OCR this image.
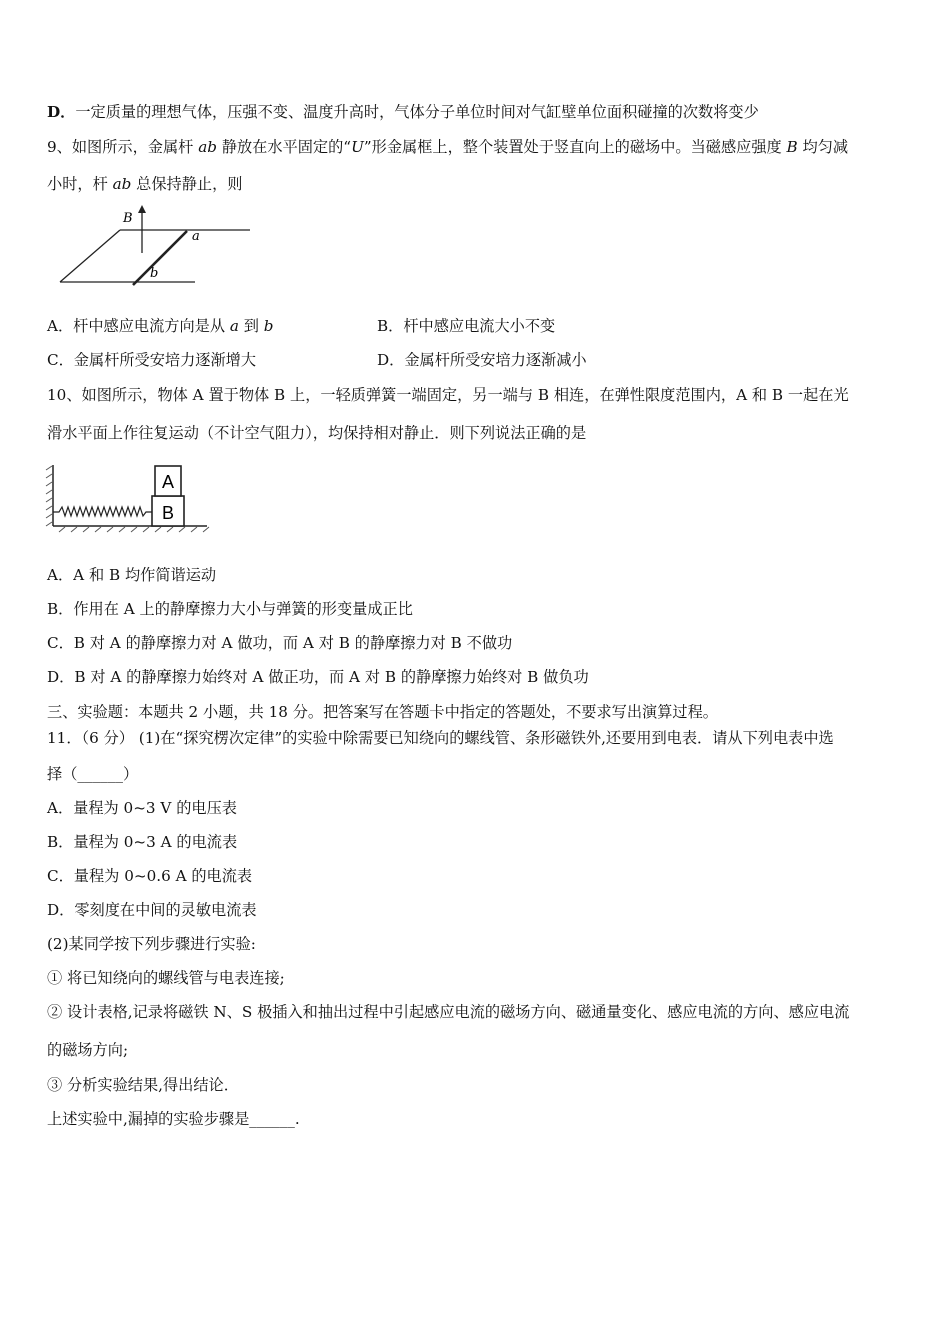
D．一定质量的理想气体，压强不变、温度升高时，气体分子单位时间对气缸壁单位面积碰撞的次数将变少
9、如图所示，金属杆 ab 静放在水平固定的“U”形金属框上，整个装置处于竖直向上的磁场中。当磁感应强度 B 均匀减
小时，杆 ab 总保持静止，则
B
a
b
A．杆中感应电流方向是从 a 到 b	B．杆中感应电流大小不变
C．金属杆所受安培力逐渐增大	D．金属杆所受安培力逐渐减小
10、如图所示，物体 A 置于物体 B 上，一轻质弹簧一端固定，另一端与 B 相连，在弹性限度范围内，A 和 B 一起在光
滑水平面上作往复运动（不计空气阻力），均保持相对静止．则下列说法正确的是
A
B
A．A 和 B 均作简谐运动
B．作用在 A 上的静摩擦力大小与弹簧的形变量成正比
C．B 对 A 的静摩擦力对 A 做功，而 A 对 B 的静摩擦力对 B 不做功
D．B 对 A 的静摩擦力始终对 A 做正功，而 A 对 B 的静摩擦力始终对 B 做负功
三、实验题：本题共 2 小题，共 18 分。把答案写在答题卡中指定的答题处，不要求写出演算过程。
11．（6 分） (1)在“探究楞次定律”的实验中除需要已知绕向的螺线管、条形磁铁外,还要用到电表．请从下列电表中选
择（______）
A．量程为 0~3 V 的电压表
B．量程为 0~3 A 的电流表
C．量程为 0~0.6 A 的电流表
D．零刻度在中间的灵敏电流表
(2)某同学按下列步骤进行实验:
① 将已知绕向的螺线管与电表连接;
② 设计表格,记录将磁铁 N、S 极插入和抽出过程中引起感应电流的磁场方向、磁通量变化、感应电流的方向、感应电流
的磁场方向;
③ 分析实验结果,得出结论．
上述实验中,漏掉的实验步骤是______.
